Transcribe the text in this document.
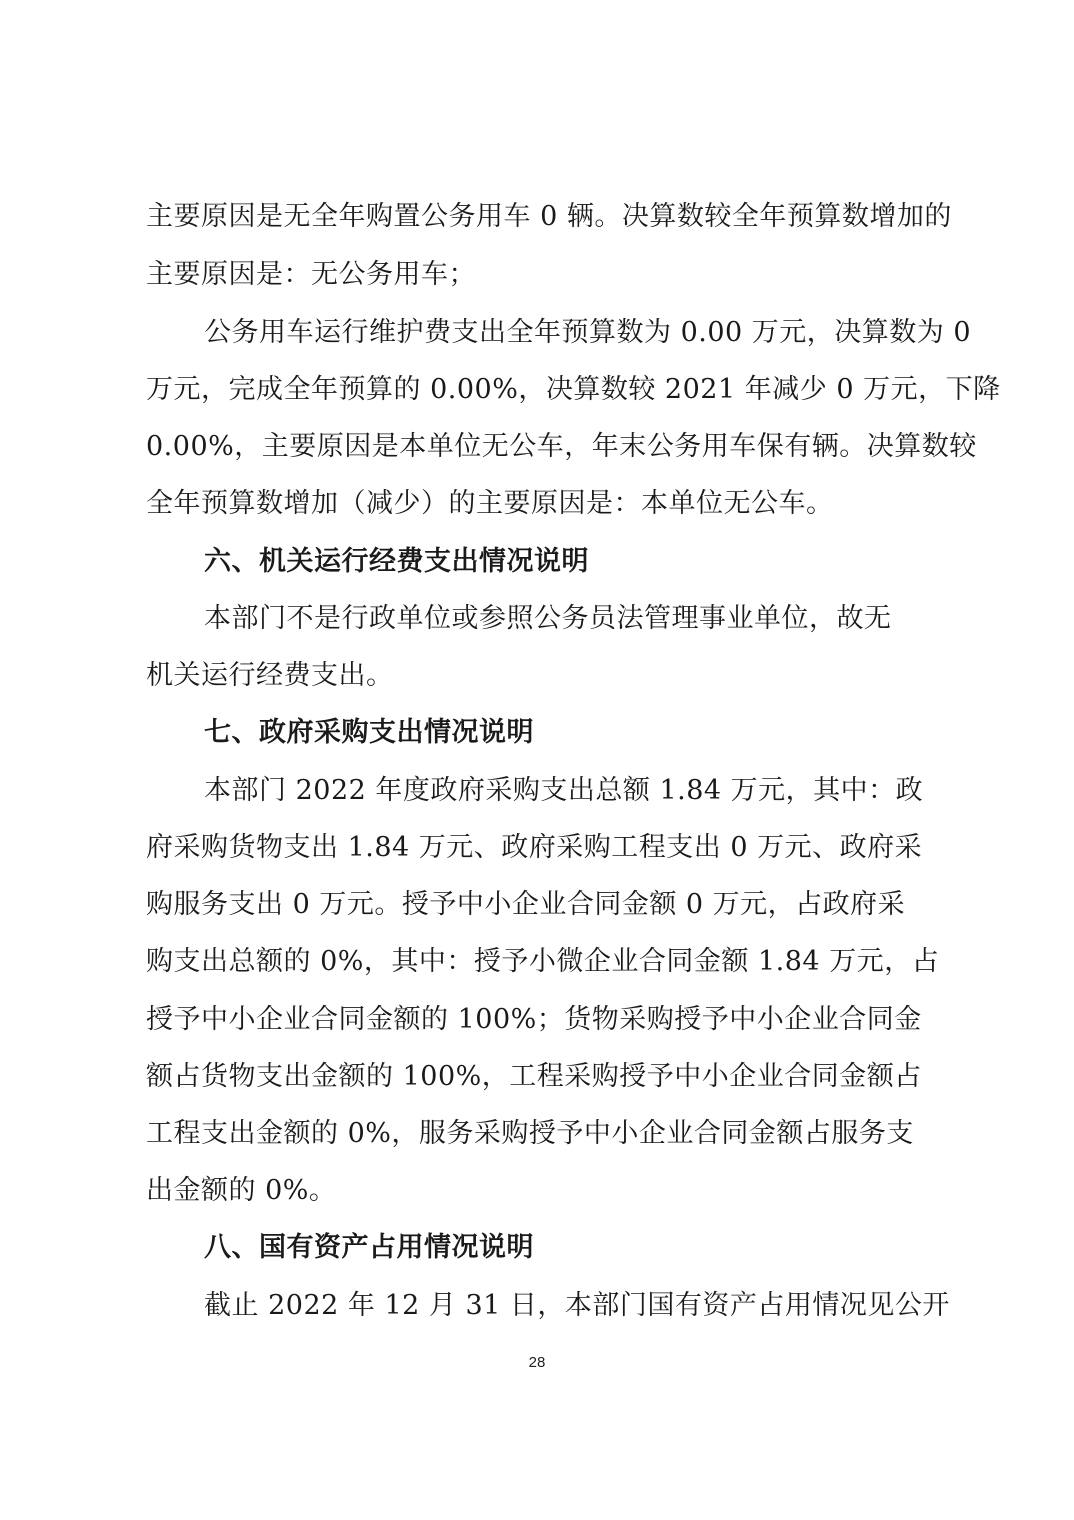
主要原因是无全年购置公务用车 0 辆。决算数较全年预算数增加的
主要原因是：无公务用车；
公务用车运行维护费支出全年预算数为 0.00 万元，决算数为 0
万元，完成全年预算的 0.00%，决算数较 2021 年减少 0 万元，下降
0.00%，主要原因是本单位无公车，年末公务用车保有辆。决算数较
全年预算数增加（减少）的主要原因是：本单位无公车。
六、机关运行经费支出情况说明
本部门不是行政单位或参照公务员法管理事业单位，故无
机关运行经费支出。
七、政府采购支出情况说明
本部门 2022 年度政府采购支出总额 1.84 万元，其中：政
府采购货物支出 1.84 万元、政府采购工程支出 0 万元、政府采
购服务支出 0 万元。授予中小企业合同金额 0 万元，占政府采
购支出总额的 0%，其中：授予小微企业合同金额 1.84 万元，占
授予中小企业合同金额的 100%；货物采购授予中小企业合同金
额占货物支出金额的 100%，工程采购授予中小企业合同金额占
工程支出金额的 0%，服务采购授予中小企业合同金额占服务支
出金额的 0%。
八、国有资产占用情况说明
截止 2022 年 12 月 31 日，本部门国有资产占用情况见公开
28
